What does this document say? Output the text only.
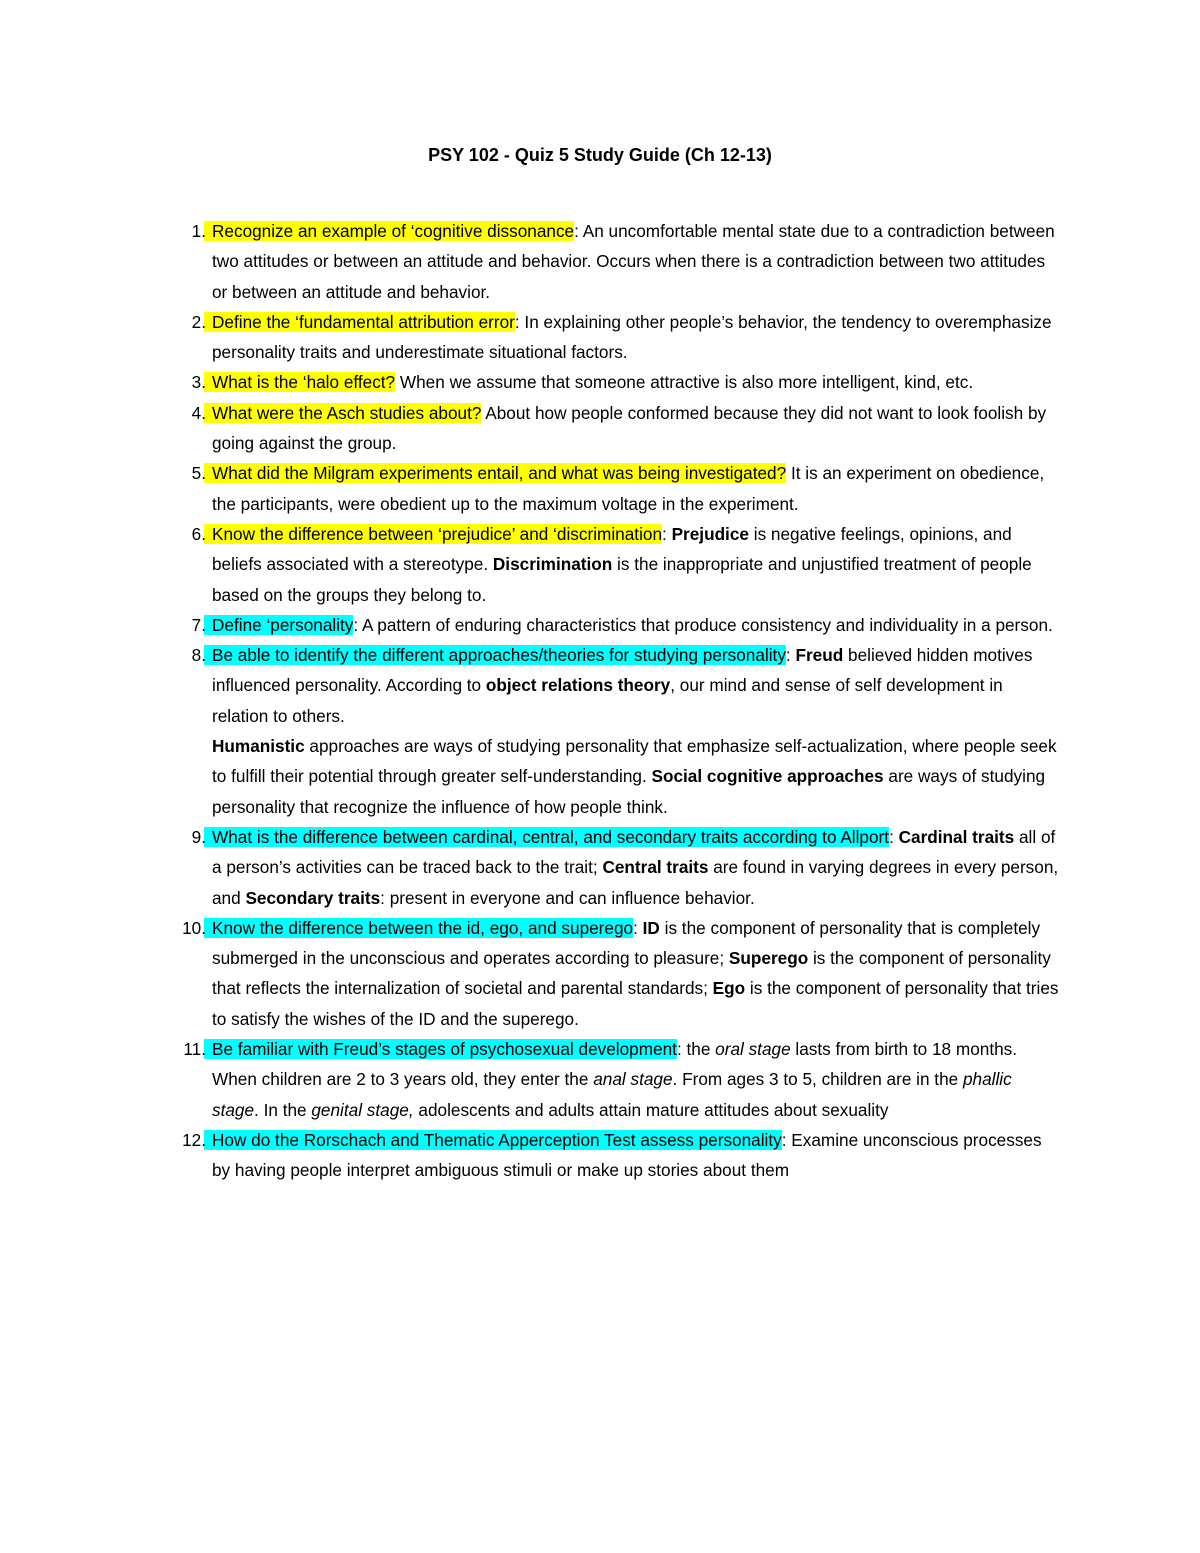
PSY 102 - Quiz 5 Study Guide (Ch 12-13)
1. Recognize an example of ‘cognitive dissonance: An uncomfortable mental state due to a contradiction between two attitudes or between an attitude and behavior. Occurs when there is a contradiction between two attitudes or between an attitude and behavior.
2. Define the ‘fundamental attribution error: In explaining other people’s behavior, the tendency to overemphasize personality traits and underestimate situational factors.
3. What is the ‘halo effect? When we assume that someone attractive is also more intelligent, kind, etc.
4. What were the Asch studies about? About how people conformed because they did not want to look foolish by going against the group.
5. What did the Milgram experiments entail, and what was being investigated? It is an experiment on obedience, the participants, were obedient up to the maximum voltage in the experiment.
6. Know the difference between ‘prejudice’ and ‘discrimination: Prejudice is negative feelings, opinions, and beliefs associated with a stereotype. Discrimination is the inappropriate and unjustified treatment of people based on the groups they belong to.
7. Define ‘personality: A pattern of enduring characteristics that produce consistency and individuality in a person.
8. Be able to identify the different approaches/theories for studying personality: Freud believed hidden motives influenced personality. According to object relations theory, our mind and sense of self development in relation to others.
Humanistic approaches are ways of studying personality that emphasize self-actualization, where people seek to fulfill their potential through greater self-understanding. Social cognitive approaches are ways of studying personality that recognize the influence of how people think.
9. What is the difference between cardinal, central, and secondary traits according to Allport: Cardinal traits all of a person’s activities can be traced back to the trait; Central traits are found in varying degrees in every person, and Secondary traits: present in everyone and can influence behavior.
10. Know the difference between the id, ego, and superego: ID is the component of personality that is completely submerged in the unconscious and operates according to pleasure; Superego is the component of personality that reflects the internalization of societal and parental standards; Ego is the component of personality that tries to satisfy the wishes of the ID and the superego.
11. Be familiar with Freud’s stages of psychosexual development: the oral stage lasts from birth to 18 months. When children are 2 to 3 years old, they enter the anal stage. From ages 3 to 5, children are in the phallic stage. In the genital stage, adolescents and adults attain mature attitudes about sexuality
12. How do the Rorschach and Thematic Apperception Test assess personality: Examine unconscious processes by having people interpret ambiguous stimuli or make up stories about them
